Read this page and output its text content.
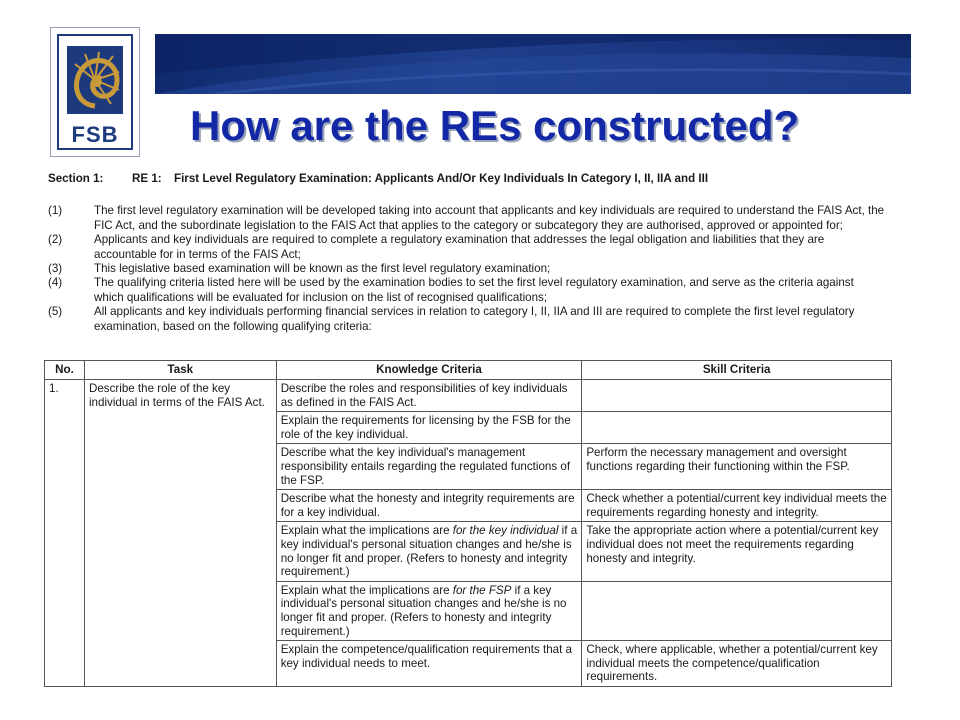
FSB How are the REs constructed?
Section 1:	RE 1:	First Level Regulatory Examination: Applicants And/Or Key Individuals In Category I, II, IIA and III
(1)	The first level regulatory examination will be developed taking into account that applicants and key individuals are required to understand the FAIS Act, the FIC Act, and the subordinate legislation to the FAIS Act that applies to the category or subcategory they are authorised, approved or appointed for;
(2)	Applicants and key individuals are required to complete a regulatory examination that addresses the legal obligation and liabilities that they are accountable for in terms of the FAIS Act;
(3)	This legislative based examination will be known as the first level regulatory examination;
(4)	The qualifying criteria listed here will be used by the examination bodies to set the first level regulatory examination, and serve as the criteria against which qualifications will be evaluated for inclusion on the list of recognised qualifications;
(5)	All applicants and key individuals performing financial services in relation to category I, II, IIA and III are required to complete the first level regulatory examination, based on the following qualifying criteria:
No.	Task	Knowledge Criteria	Skill Criteria
1.	Describe the role of the key individual in terms of the FAIS Act.	Describe the roles and responsibilities of key individuals as defined in the FAIS Act.	
		Explain the requirements for licensing by the FSB for the role of the key individual.	
		Describe what the key individual's management responsibility entails regarding the regulated functions of the FSP.	Perform the necessary management and oversight functions regarding their functioning within the FSP.
		Describe what the honesty and integrity requirements are for a key individual.	Check whether a potential/current key individual meets the requirements regarding honesty and integrity.
		Explain what the implications are for the key individual if a key individual's personal situation changes and he/she is no longer fit and proper. (Refers to honesty and integrity requirement.)	Take the appropriate action where a potential/current key individual does not meet the requirements regarding honesty and integrity.
		Explain what the implications are for the FSP if a key individual's personal situation changes and he/she is no longer fit and proper. (Refers to honesty and integrity requirement.)	
		Explain the competence/qualification requirements that a key individual needs to meet.	Check, where applicable, whether a potential/current key individual meets the competence/qualification requirements.
